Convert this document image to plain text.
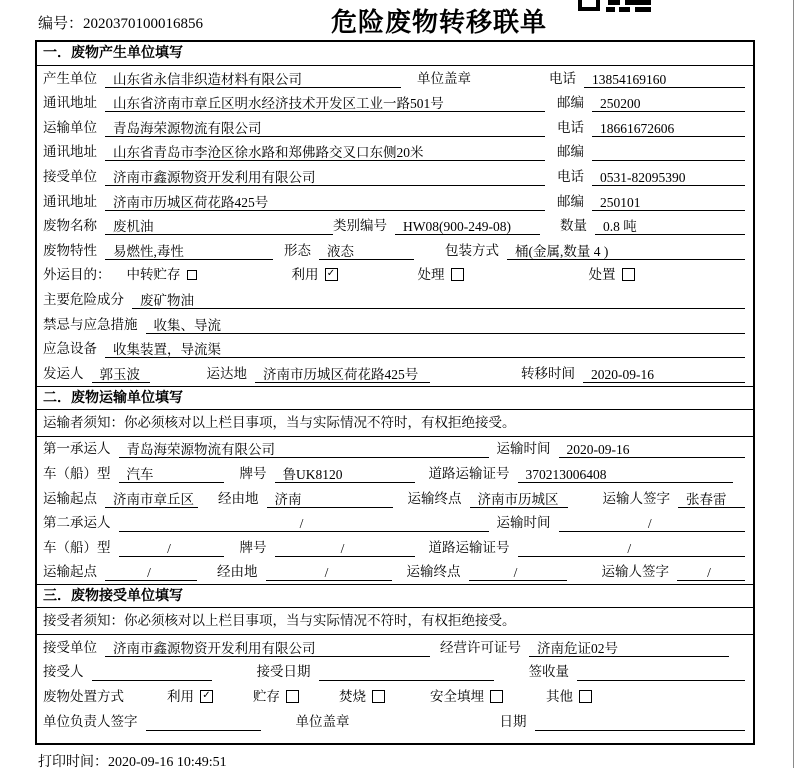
编号：2020370100016856	危险废物转移联单
一．废物产生单位填写
产生单位	山东省永信非织造材料有限公司	单位盖章	电话	13854169160
通讯地址	山东省济南市章丘区明水经济技术开发区工业一路501号	邮编	250200
运输单位	青岛海荣源物流有限公司	电话	18661672606
通讯地址	山东省青岛市李沧区徐水路和郑佛路交叉口东侧20米	邮编
接受单位	济南市鑫源物资开发利用有限公司	电话	0531-82095390
通讯地址	济南市历城区荷花路425号	邮编	250101
废物名称	废机油	类别编号	HW08(900-249-08)	数量	0.8 吨
废物特性	易燃性,毒性	形态	液态	包装方式	桶(金属,数量 4 )
外运目的： 中转贮存	利用 ✓	处理	处置
主要危险成分	废矿物油
禁忌与应急措施	收集、导流
应急设备	收集装置，导流渠
发运人	郭玉波	运达地	济南市历城区荷花路425号	转移时间	2020-09-16
二．废物运输单位填写
运输者须知：你必须核对以上栏目事项，当与实际情况不符时，有权拒绝接受。
第一承运人	青岛海荣源物流有限公司	运输时间	2020-09-16
车（船）型	汽车	牌号	鲁UK8120	道路运输证号	370213006408
运输起点	济南市章丘区 经由地	济南	运输终点	济南市历城区	运输人签字	张春雷
第二承运人	/	运输时间	/
车（船）型	/	牌号	/	道路运输证号	/
运输起点	/	经由地	/	运输终点	/	运输人签字	/
三．废物接受单位填写
接受者须知：你必须核对以上栏目事项，当与实际情况不符时，有权拒绝接受。
接受单位	济南市鑫源物资开发利用有限公司	经营许可证号	济南危证02号
接受人	接受日期	签收量
废物处置方式	利用 ✓	贮存	焚烧	安全填埋	其他
单位负责人签字	单位盖章	日期
打印时间：2020-09-16 10:49:51
